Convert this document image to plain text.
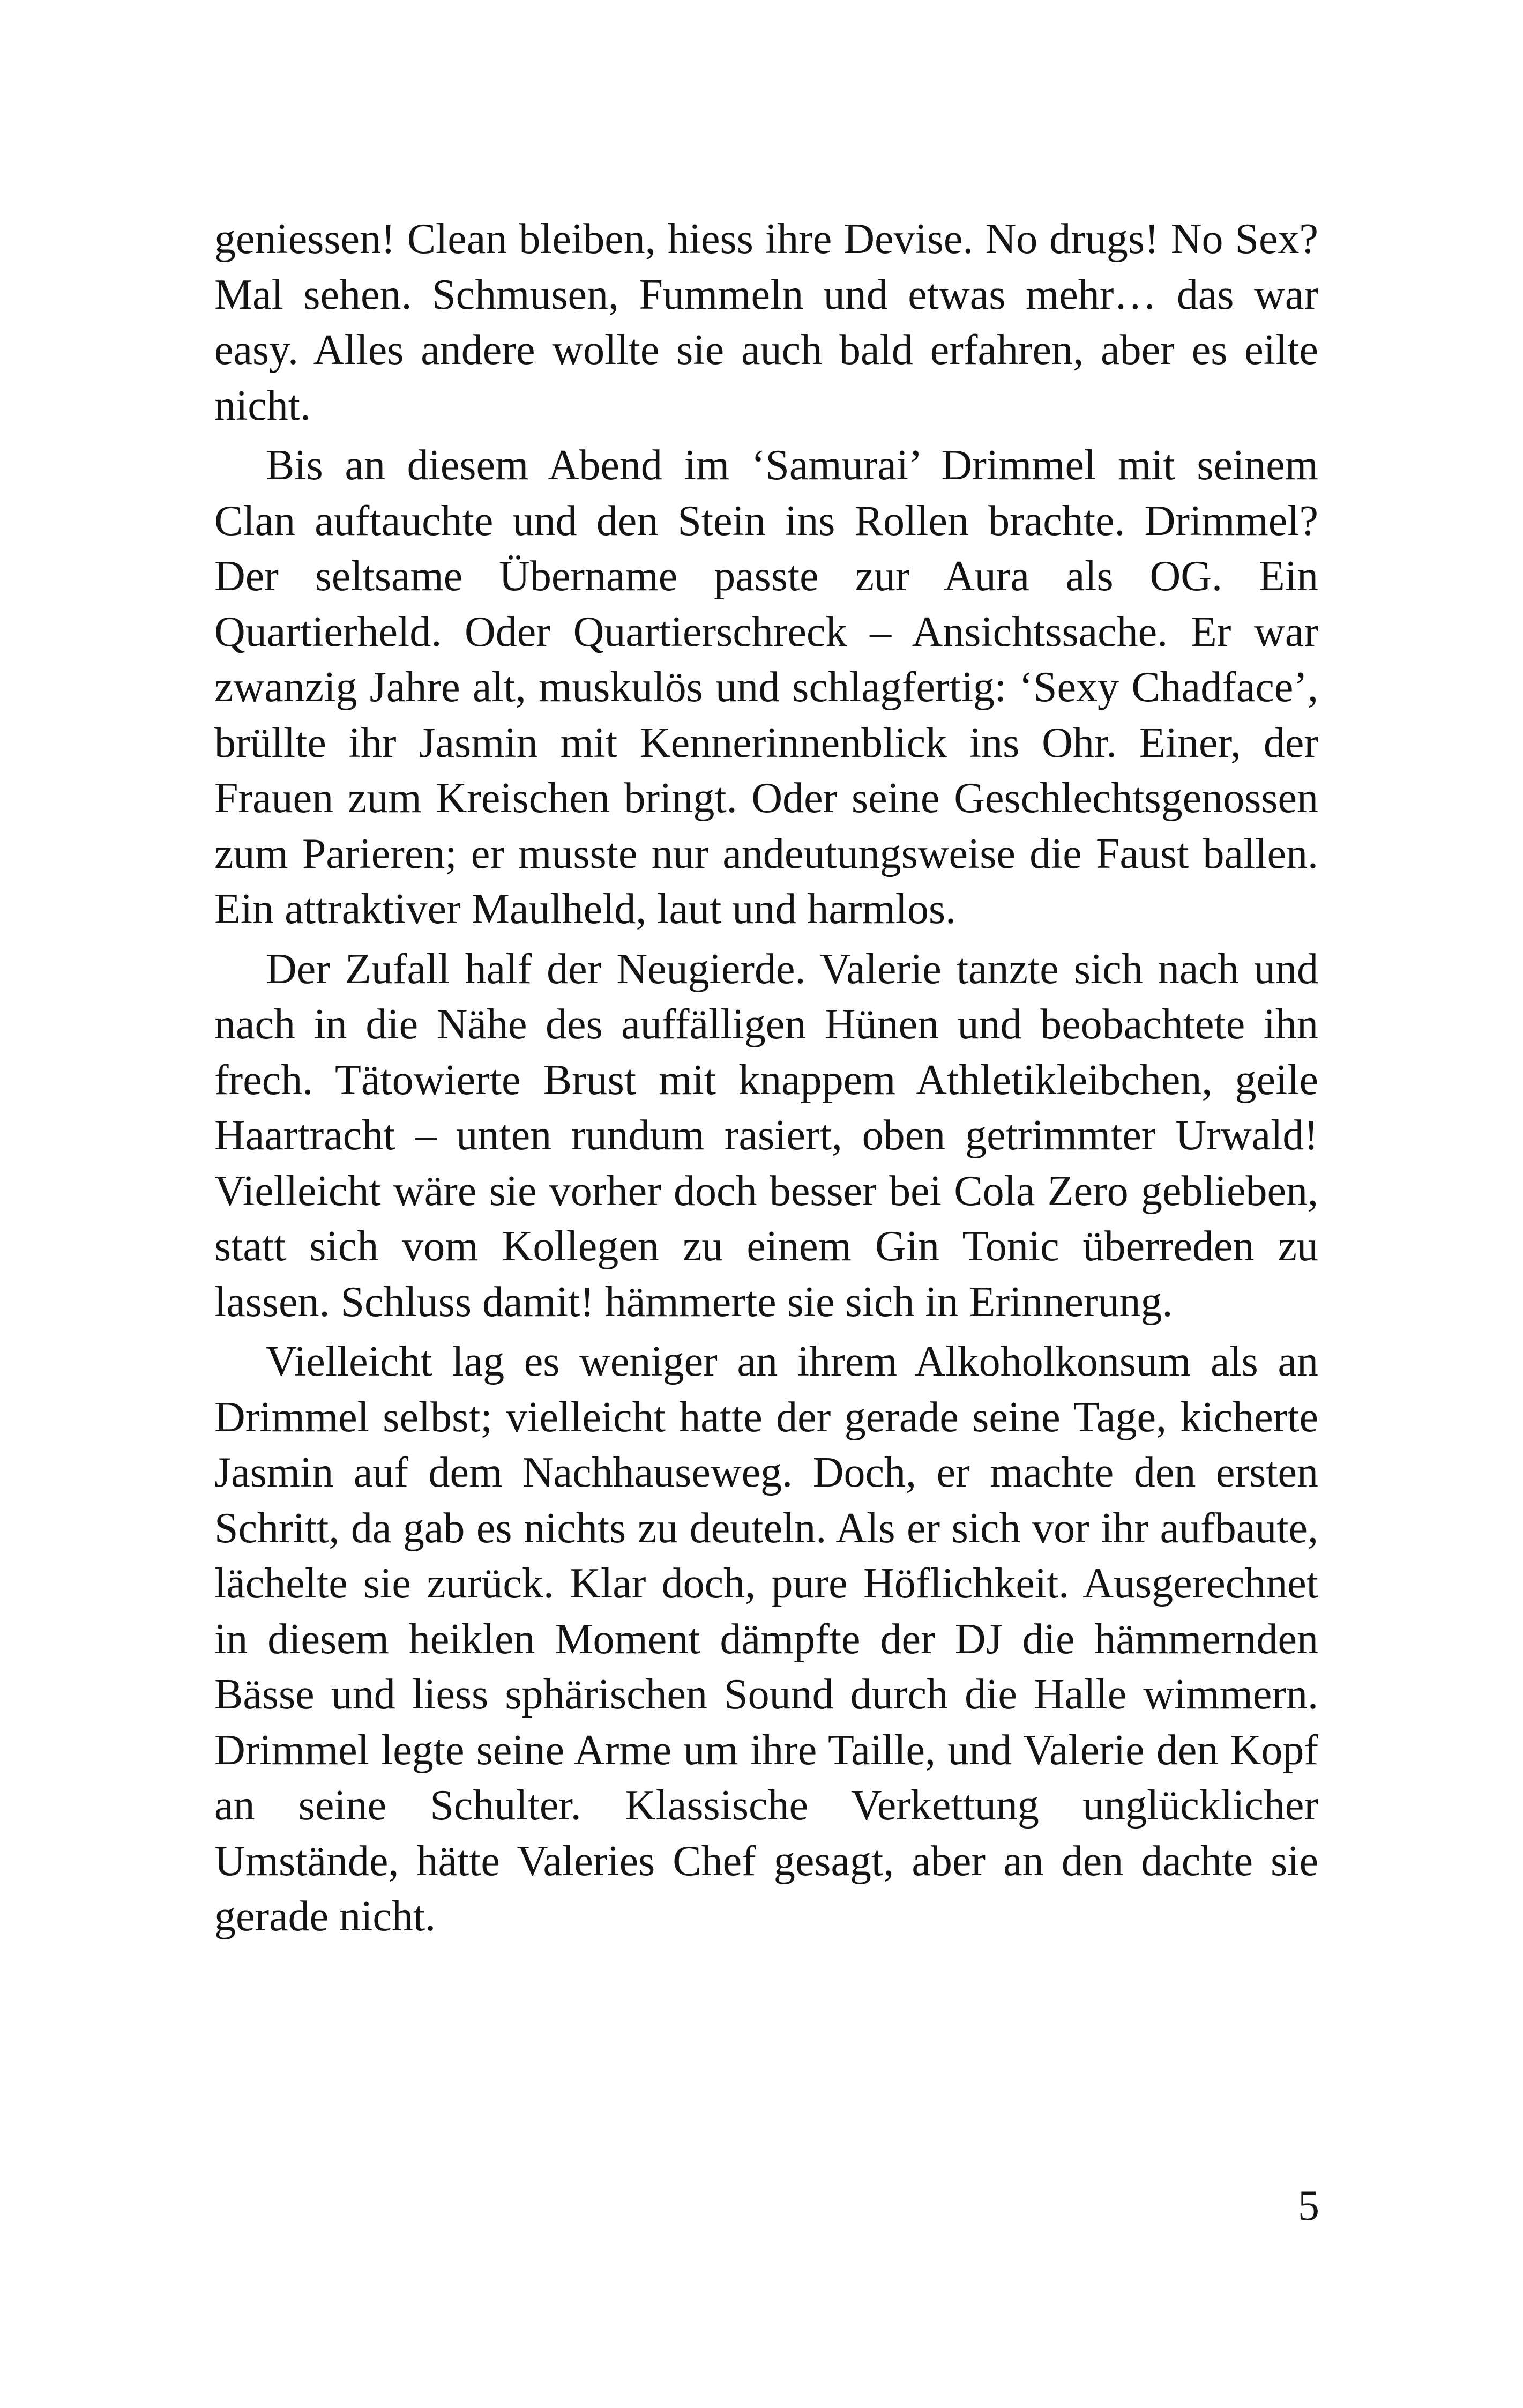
geniessen! Clean bleiben, hiess ihre Devise. No drugs! No Sex? Mal sehen. Schmusen, Fummeln und etwas mehr… das war easy. Alles andere wollte sie auch bald erfahren, aber es eilte nicht.

Bis an diesem Abend im ‘Samurai’ Drimmel mit seinem Clan auftauchte und den Stein ins Rollen brachte. Drimmel? Der seltsame Übername passte zur Aura als OG. Ein Quartierheld. Oder Quartierschreck – Ansichtssache. Er war zwanzig Jahre alt, muskulös und schlagfertig: ‘Sexy Chadface’, brüllte ihr Jasmin mit Kennerinnenblick ins Ohr. Einer, der Frauen zum Kreischen bringt. Oder seine Geschlechtsgenossen zum Parieren; er musste nur andeutungsweise die Faust ballen. Ein attraktiver Maulheld, laut und harmlos.

Der Zufall half der Neugierde. Valerie tanzte sich nach und nach in die Nähe des auffälligen Hünen und beobachtete ihn frech. Tätowierte Brust mit knappem Athletikleibchen, geile Haartracht – unten rundum rasiert, oben getrimmter Urwald! Vielleicht wäre sie vorher doch besser bei Cola Zero geblieben, statt sich vom Kollegen zu einem Gin Tonic überreden zu lassen. Schluss damit! hämmerte sie sich in Erinnerung.

Vielleicht lag es weniger an ihrem Alkoholkonsum als an Drimmel selbst; vielleicht hatte der gerade seine Tage, kicherte Jasmin auf dem Nachhauseweg. Doch, er machte den ersten Schritt, da gab es nichts zu deuteln. Als er sich vor ihr aufbaute, lächelte sie zurück. Klar doch, pure Höflichkeit. Ausgerechnet in diesem heiklen Moment dämpfte der DJ die hämmernden Bässe und liess sphärischen Sound durch die Halle wimmern. Drimmel legte seine Arme um ihre Taille, und Valerie den Kopf an seine Schulter. Klassische Verkettung unglücklicher Umstände, hätte Valeries Chef gesagt, aber an den dachte sie gerade nicht.

5
